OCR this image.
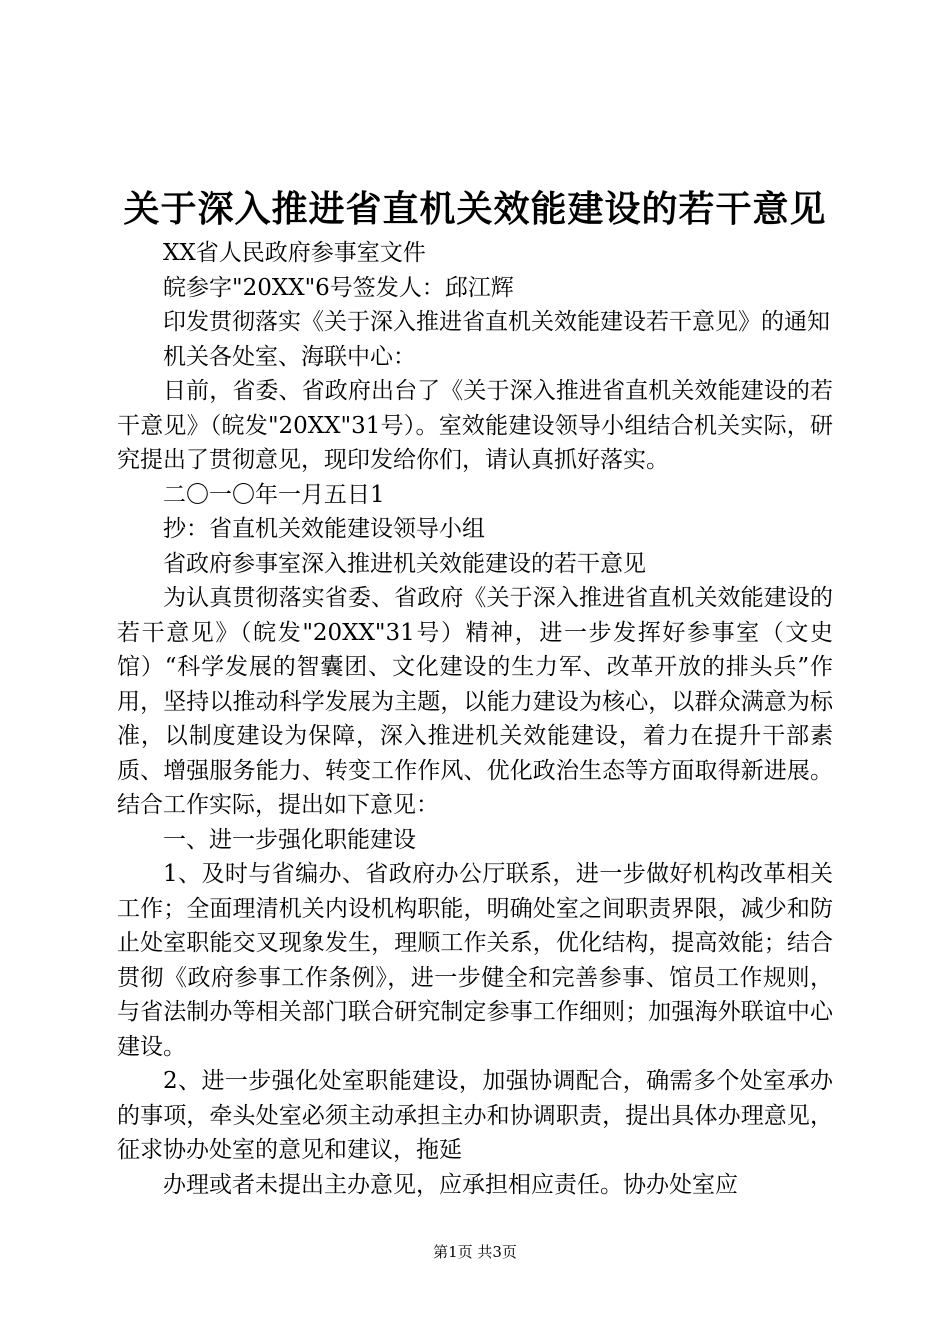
关于深入推进省直机关效能建设的若干意见

XX省人民政府参事室文件

皖参字"20XX"6号签发人：邱江辉

印发贯彻落实《关于深入推进省直机关效能建设若干意见》的通知

机关各处室、海联中心：

日前，省委、省政府出台了《关于深入推进省直机关效能建设的若干意见》（皖发"20XX"31号）。室效能建设领导小组结合机关实际，研究提出了贯彻意见，现印发给你们，请认真抓好落实。

二〇一〇年一月五日1

抄：省直机关效能建设领导小组

省政府参事室深入推进机关效能建设的若干意见

为认真贯彻落实省委、省政府《关于深入推进省直机关效能建设的若干意见》（皖发"20XX"31号）精神，进一步发挥好参事室（文史馆）“科学发展的智囊团、文化建设的生力军、改革开放的排头兵”作用，坚持以推动科学发展为主题，以能力建设为核心，以群众满意为标准，以制度建设为保障，深入推进机关效能建设，着力在提升干部素质、增强服务能力、转变工作作风、优化政治生态等方面取得新进展。结合工作实际，提出如下意见：

一、进一步强化职能建设

1、及时与省编办、省政府办公厅联系，进一步做好机构改革相关工作；全面理清机关内设机构职能，明确处室之间职责界限，减少和防止处室职能交叉现象发生，理顺工作关系，优化结构，提高效能；结合贯彻《政府参事工作条例》，进一步健全和完善参事、馆员工作规则，与省法制办等相关部门联合研究制定参事工作细则；加强海外联谊中心建设。

2、进一步强化处室职能建设，加强协调配合，确需多个处室承办的事项，牵头处室必须主动承担主办和协调职责，提出具体办理意见，征求协办处室的意见和建议，拖延

办理或者未提出主办意见，应承担相应责任。协办处室应

第1页 共3页
